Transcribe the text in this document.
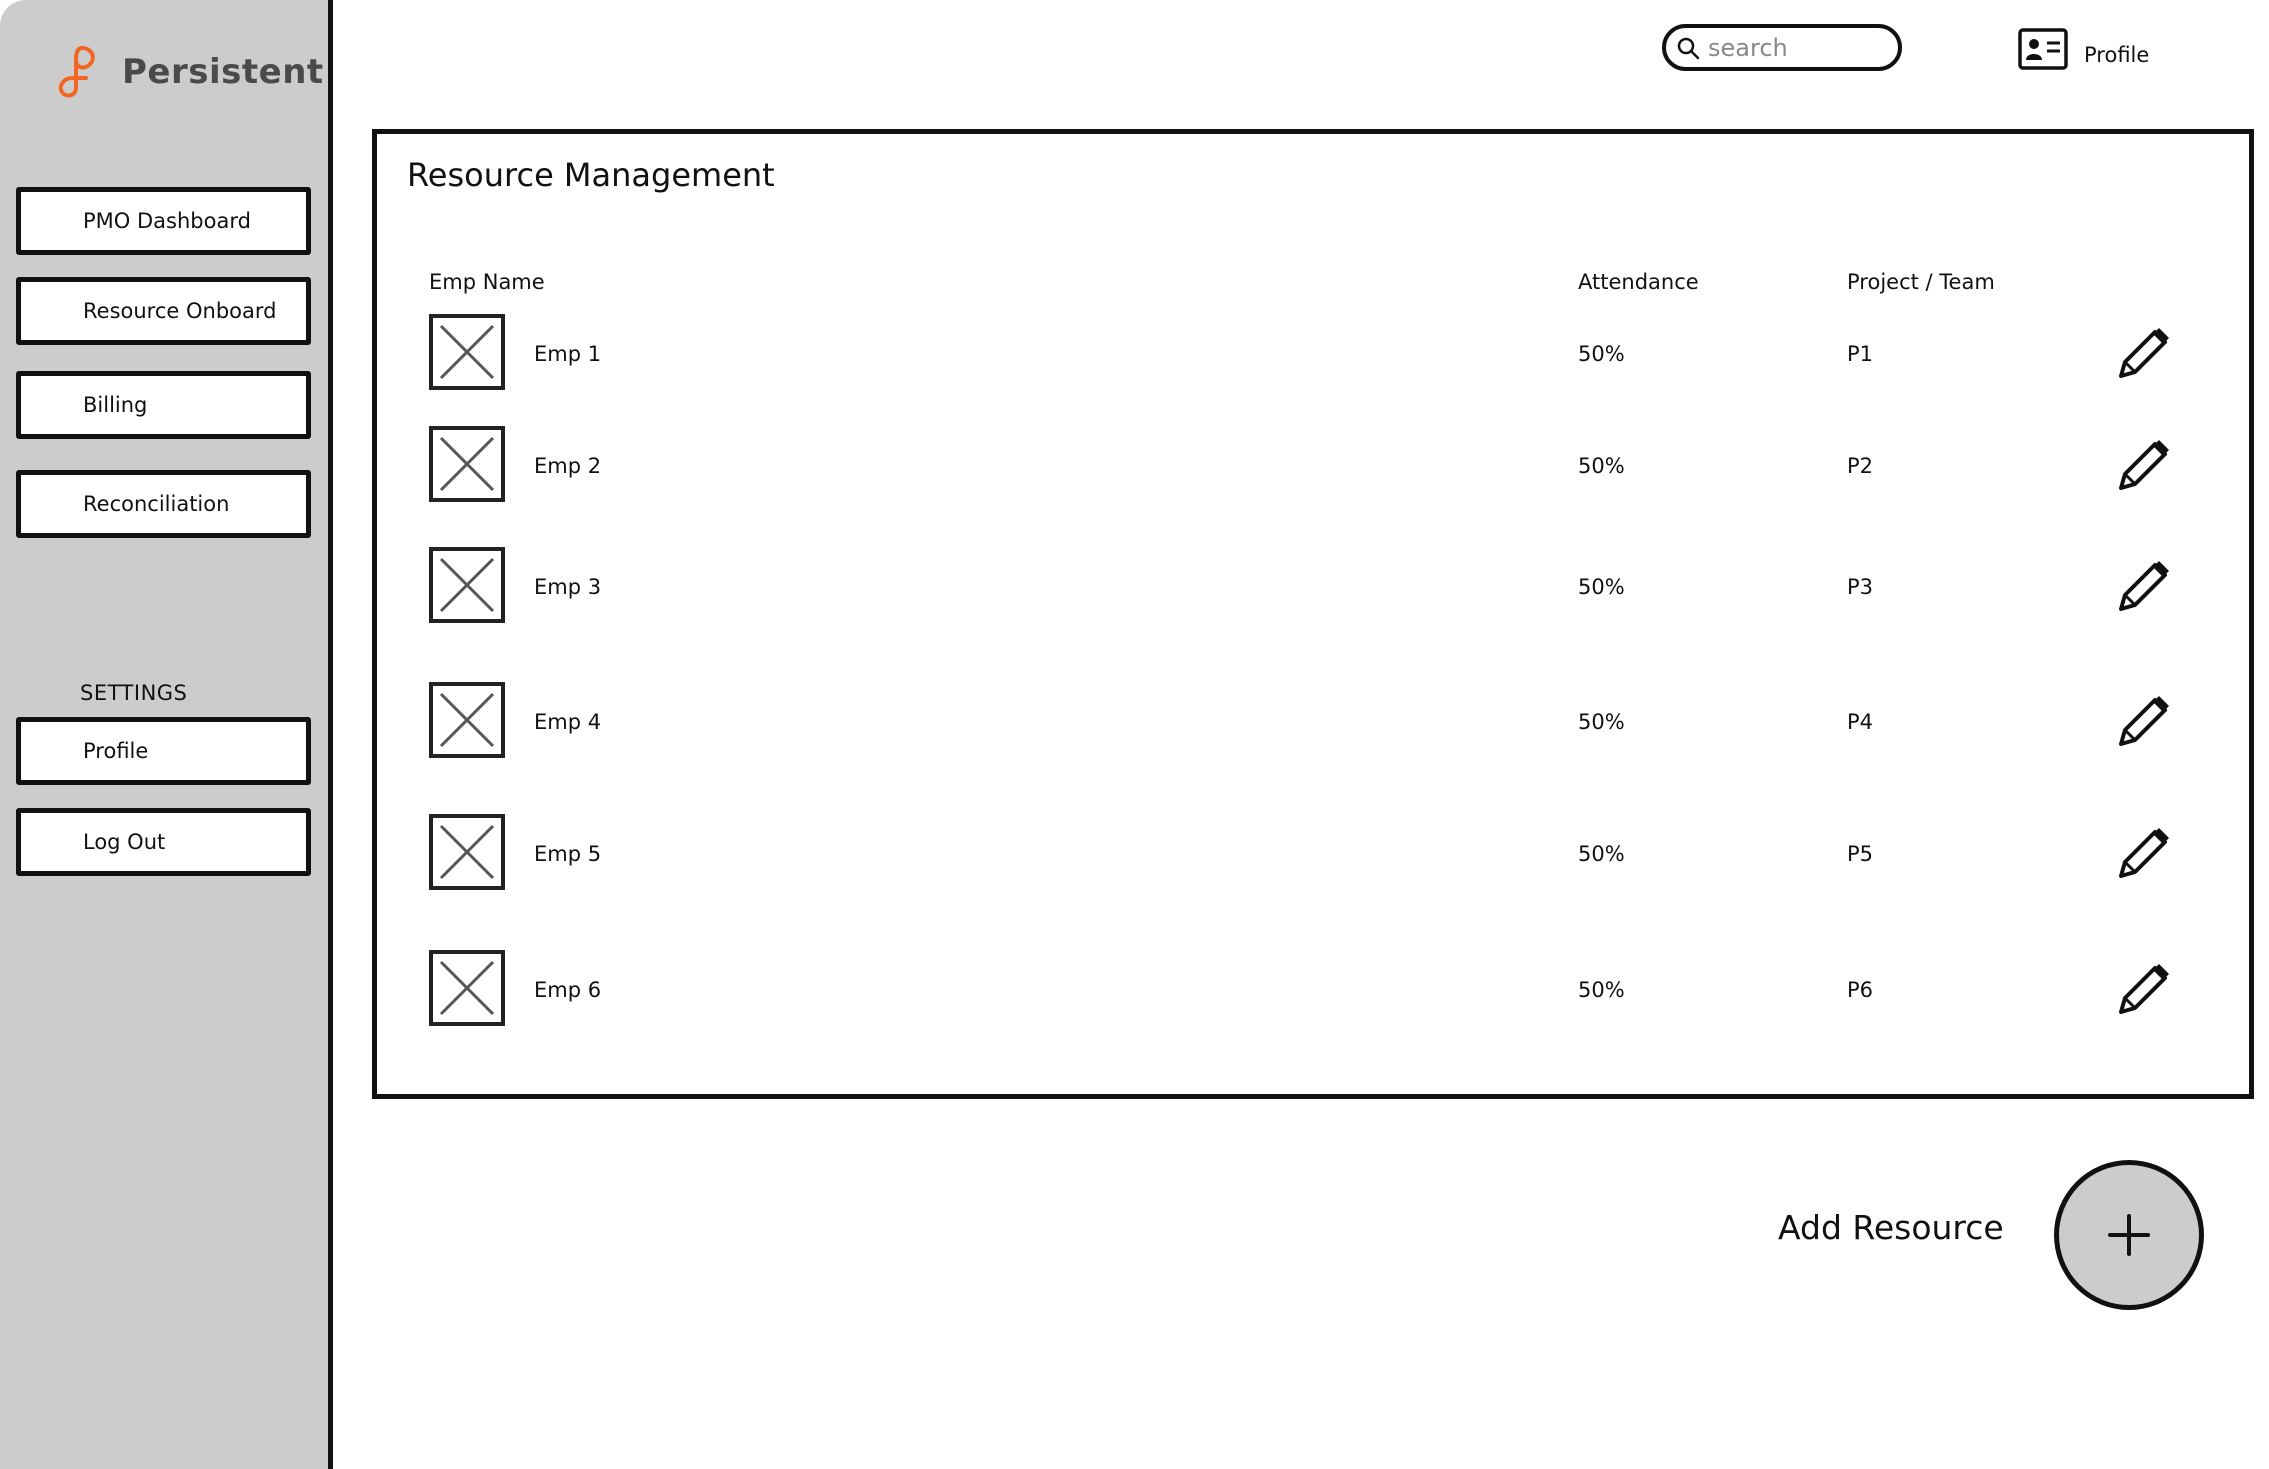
Persistent
PMO Dashboard
Resource Onboard
Billing
Reconciliation
SETTINGS
Profile
Log Out
search
Profile
Resource Management
Emp Name	Attendance	Project / Team
Emp 1	50%	P1
Emp 2	50%	P2
Emp 3	50%	P3
Emp 4	50%	P4
Emp 5	50%	P5
Emp 6	50%	P6
Add Resource
